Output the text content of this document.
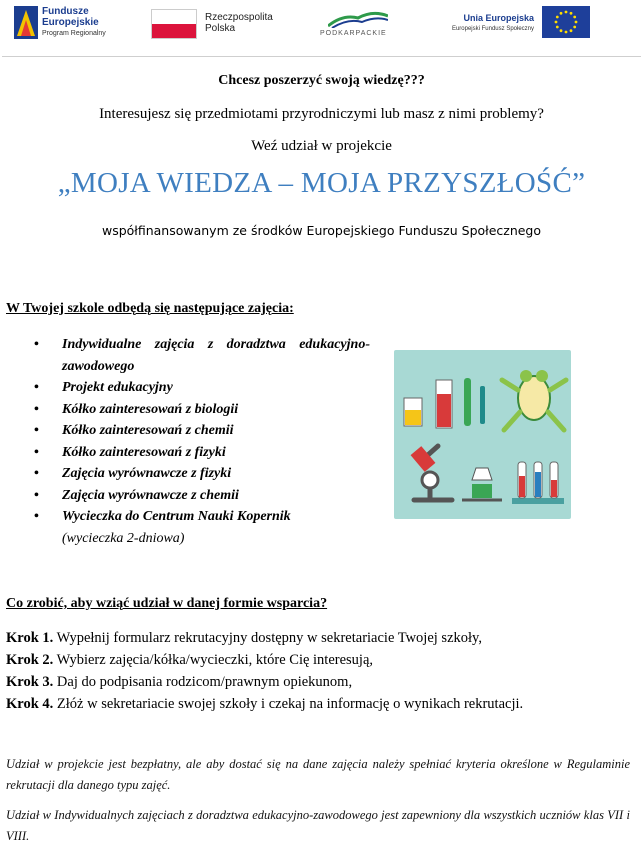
Fundusze
Europejskie
Program Regionalny
Rzeczpospolita
Polska	PODKARPACKIE
Unia Europejska
Europejski Fundusz Społeczny
Chcesz poszerzyć swoją wiedzę???
Interesujesz się przedmiotami przyrodniczymi lub masz z nimi problemy?
Weź udział w projekcie
„MOJA WIEDZA – MOJA PRZYSZŁOŚĆ”
współfinansowanym ze środków Europejskiego Funduszu Społecznego
W Twojej szkole odbędą się następujące zajęcia:
• Indywidualne zajęcia z doradztwa edukacyjno-zawodowego
• Projekt edukacyjny
• Kółko zainteresowań z biologii
• Kółko zainteresowań z chemii
• Kółko zainteresowań z fizyki
• Zajęcia wyrównawcze z fizyki
• Zajęcia wyrównawcze z chemii
• Wycieczka do Centrum Nauki Kopernik
(wycieczka 2-dniowa)
Co zrobić, aby wziąć udział w danej formie wsparcia?

Krok 1. Wypełnij formularz rekrutacyjny dostępny w sekretariacie Twojej szkoły,

Krok 2. Wybierz zajęcia/kółka/wycieczki, które Cię interesują,

Krok 3. Daj do podpisania rodzicom/prawnym opiekunom,

Krok 4. Złóż w sekretariacie swojej szkoły i czekaj na informację o wynikach rekrutacji.

Udział w projekcie jest bezpłatny, ale aby dostać się na dane zajęcia należy spełniać kryteria określone w Regulaminie rekrutacji dla danego typu zajęć.
Udział w Indywidualnych zajęciach z doradztwa edukacyjno-zawodowego jest zapewniony dla wszystkich uczniów klas VII i VIII.
